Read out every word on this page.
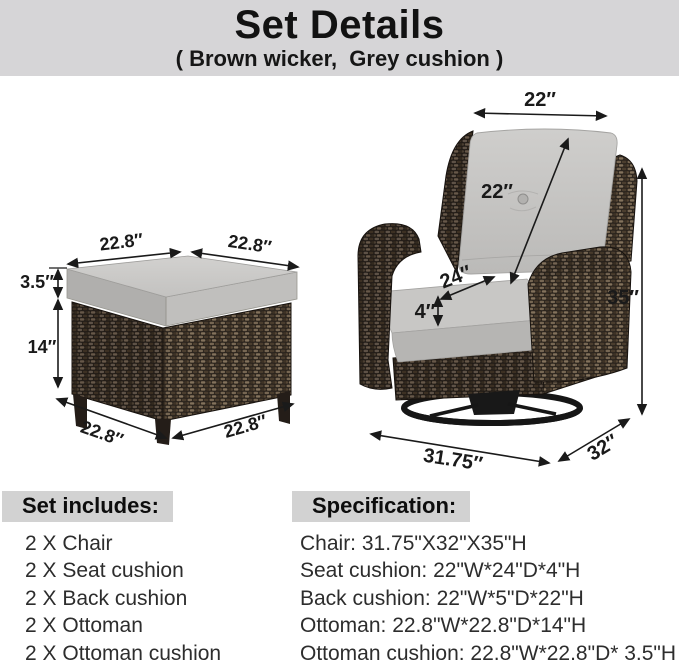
Set Details
( Brown wicker,  Grey cushion )
22.8″	22.8″
3.5″
14″
22.8″	22.8″
22″
22″
24″
4″
35″
31.75″	32″
Set includes:
2 X Chair
2 X Seat cushion
2 X Back cushion
2 X Ottoman
2 X Ottoman cushion
Specification:
Chair: 31.75"X32"X35"H
Seat cushion: 22"W*24"D*4"H
Back cushion: 22"W*5"D*22"H
Ottoman: 22.8"W*22.8"D*14"H
Ottoman cushion: 22.8"W*22.8"D* 3.5"H
